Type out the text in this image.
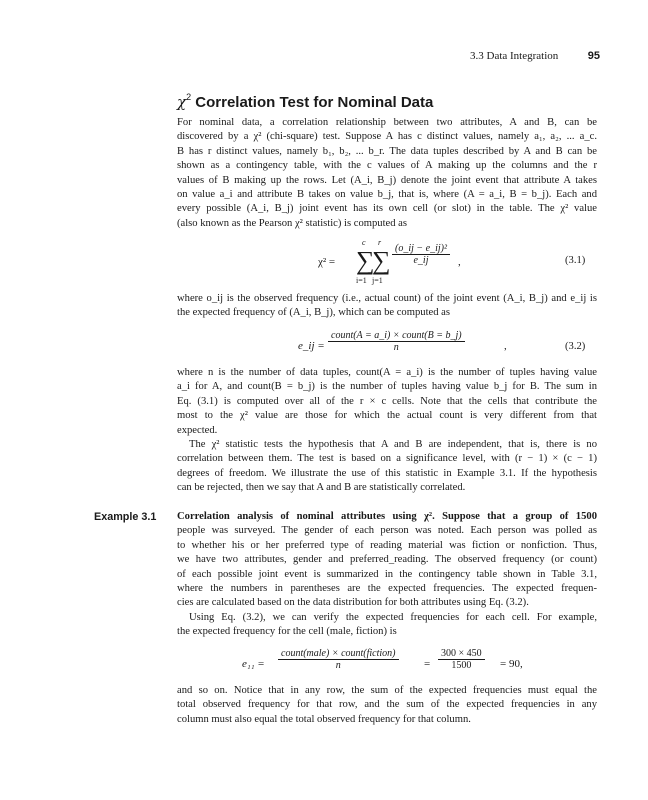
3.3 Data Integration	95
$\chi^2$ Correlation Test for Nominal Data
For nominal data, a correlation relationship between two attributes, A and B, can be
discovered by a χ² (chi-square) test. Suppose A has c distinct values, namely a₁, a₂, ... a_c.
B has r distinct values, namely b₁, b₂, ... b_r. The data tuples described by A and B can be
shown as a contingency table, with the c values of A making up the columns and the r
values of B making up the rows. Let (A_i, B_j) denote the joint event that attribute A takes
on value a_i and attribute B takes on value b_j, that is, where (A = a_i, B = b_j). Each and
every possible (A_i, B_j) joint event has its own cell (or slot) in the table. The χ² value
(also known as the Pearson χ² statistic) is computed as
χ² = ∑
c
i=1
∑
r
j=1
$\frac{\text{(o\_ij − e\_ij)²}}{e\_ij}$ ,	(3.1)
where o_ij is the observed frequency (i.e., actual count) of the joint event (A_i, B_j) and e_ij is
the expected frequency of (A_i, B_j), which can be computed as
e_ij =
count(A = a_i) × count(B = b_j)
n	,	(3.2)
where n is the number of data tuples, count(A = a_i) is the number of tuples having value
a_i for A, and count(B = b_j) is the number of tuples having value b_j for B. The sum in
Eq. (3.1) is computed over all of the r × c cells. Note that the cells that contribute the
most to the χ² value are those for which the actual count is very different from that
expected.
The χ² statistic tests the hypothesis that A and B are independent, that is, there is no
correlation between them. The test is based on a significance level, with (r − 1) × (c − 1)
degrees of freedom. We illustrate the use of this statistic in Example 3.1. If the hypothesis
can be rejected, then we say that A and B are statistically correlated.
Example 3.1 Correlation analysis of nominal attributes using χ². Suppose that a group of 1500
people was surveyed. The gender of each person was noted. Each person was polled as
to whether his or her preferred type of reading material was fiction or nonfiction. Thus,
we have two attributes, gender and preferred_reading. The observed frequency (or count)
of each possible joint event is summarized in the contingency table shown in Table 3.1,
where the numbers in parentheses are the expected frequencies. The expected frequen-
cies are calculated based on the data distribution for both attributes using Eq. (3.2).
Using Eq. (3.2), we can verify the expected frequencies for each cell. For example,
the expected frequency for the cell (male, fiction) is
e₁₁ =
count(male) × count(fiction)
n	= $\frac{300 \times 450}{1500} = 90$,
and so on. Notice that in any row, the sum of the expected frequencies must equal the
total observed frequency for that row, and the sum of the expected frequencies in any
column must also equal the total observed frequency for that column.
